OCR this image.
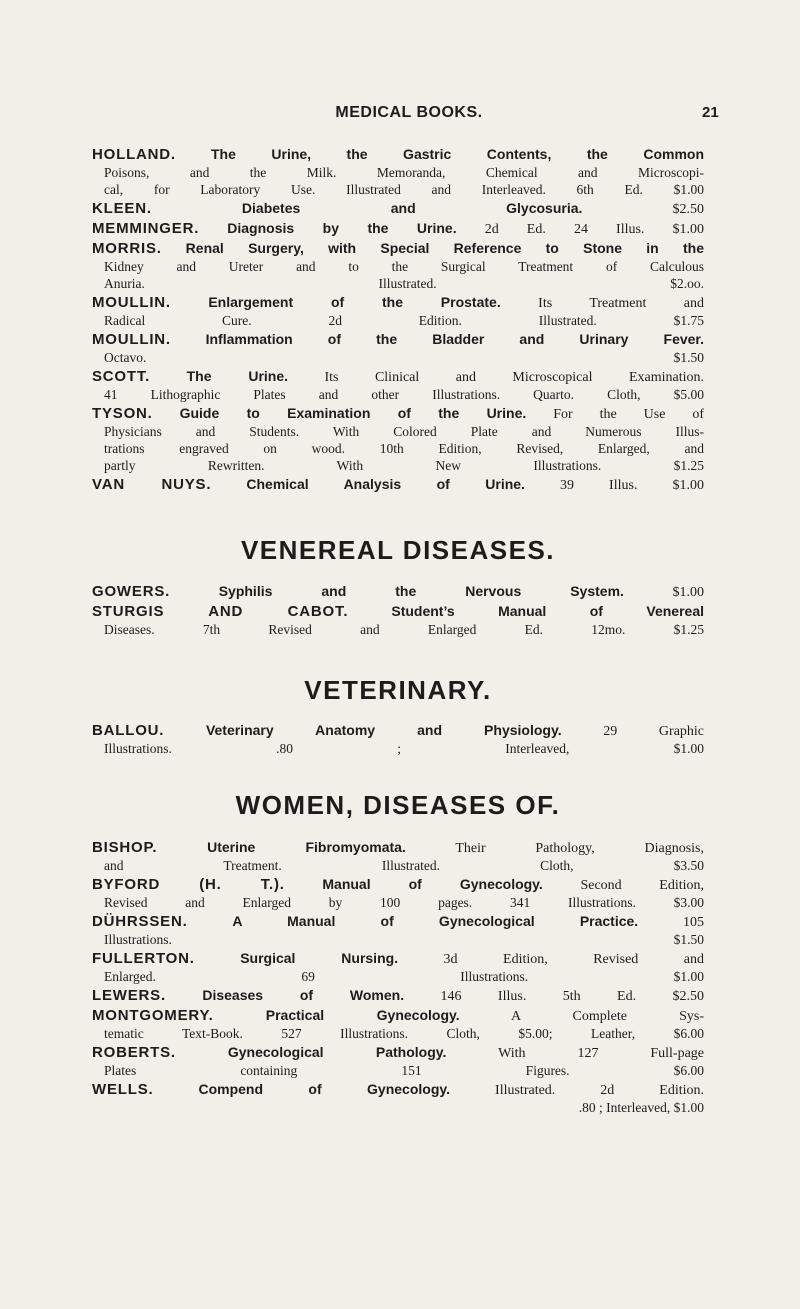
MEDICAL BOOKS.	21
HOLLAND.	The Urine, the Gastric Contents, the Common
Poisons, and the Milk. Memoranda, Chemical and Microscopi-
cal, for Laboratory Use. Illustrated and Interleaved. 6th Ed. $1.00
KLEEN.	Diabetes and Glycosuria.	$2.50
MEMMINGER. Diagnosis by the Urine. 2d Ed. 24 Illus. $1.00
MORRIS. Renal Surgery, with Special Reference to Stone in the
Kidney and Ureter and to the Surgical Treatment of Calculous
Anuria. Illustrated.	$2.oo.
MOULLIN.	Enlargement of the Prostate.	Its Treatment and
Radical Cure. 2d Edition. Illustrated.	$1.75
MOULLIN. Inflammation of the Bladder and Urinary Fever.
Octavo.	$1.50
SCOTT.	The Urine.	Its Clinical and Microscopical Examination.
41 Lithographic Plates and other Illustrations. Quarto. Cloth, $5.00
TYSON. Guide to Examination of the Urine. For the Use of
Physicians and Students. With Colored Plate and Numerous Illus-
trations engraved on wood. 10th Edition, Revised, Enlarged, and
partly Rewritten. With New Illustrations.	$1.25
VAN NUYS.	Chemical Analysis of Urine.	39 Illus.	$1.00
VENEREAL DISEASES.
GOWERS.	Syphilis and the Nervous System.	$1.00
STURGIS AND CABOT.	Student’s Manual of Venereal
Diseases. 7th Revised and Enlarged Ed. 12mo.	$1.25
VETERINARY.
BALLOU.	Veterinary Anatomy and Physiology.	29 Graphic
Illustrations.	.80 ; Interleaved, $1.00
WOMEN, DISEASES OF.
BISHOP.	Uterine Fibromyomata.	Their Pathology, Diagnosis,
and Treatment. Illustrated.	Cloth, $3.50
BYFORD (H. T.).	Manual of Gynecology.	Second Edition,
Revised and Enlarged by 100 pages. 341 Illustrations.	$3.00
DÜHRSSEN.	A Manual of Gynecological Practice.	105
Illustrations.	$1.50
FULLERTON.	Surgical Nursing.	3d Edition, Revised and
Enlarged. 69 Illustrations.	$1.00
LEWERS.	Diseases of Women.	146 Illus. 5th Ed.	$2.50
MONTGOMERY.	Practical Gynecology.	A Complete Sys-
tematic Text-Book. 527 Illustrations. Cloth, $5.00; Leather, $6.00
ROBERTS.	Gynecological Pathology.	With 127 Full-page
Plates containing 151 Figures.	$6.00
WELLS.	Compend of Gynecology.	Illustrated. 2d Edition.
.80 ; Interleaved, $1.00
